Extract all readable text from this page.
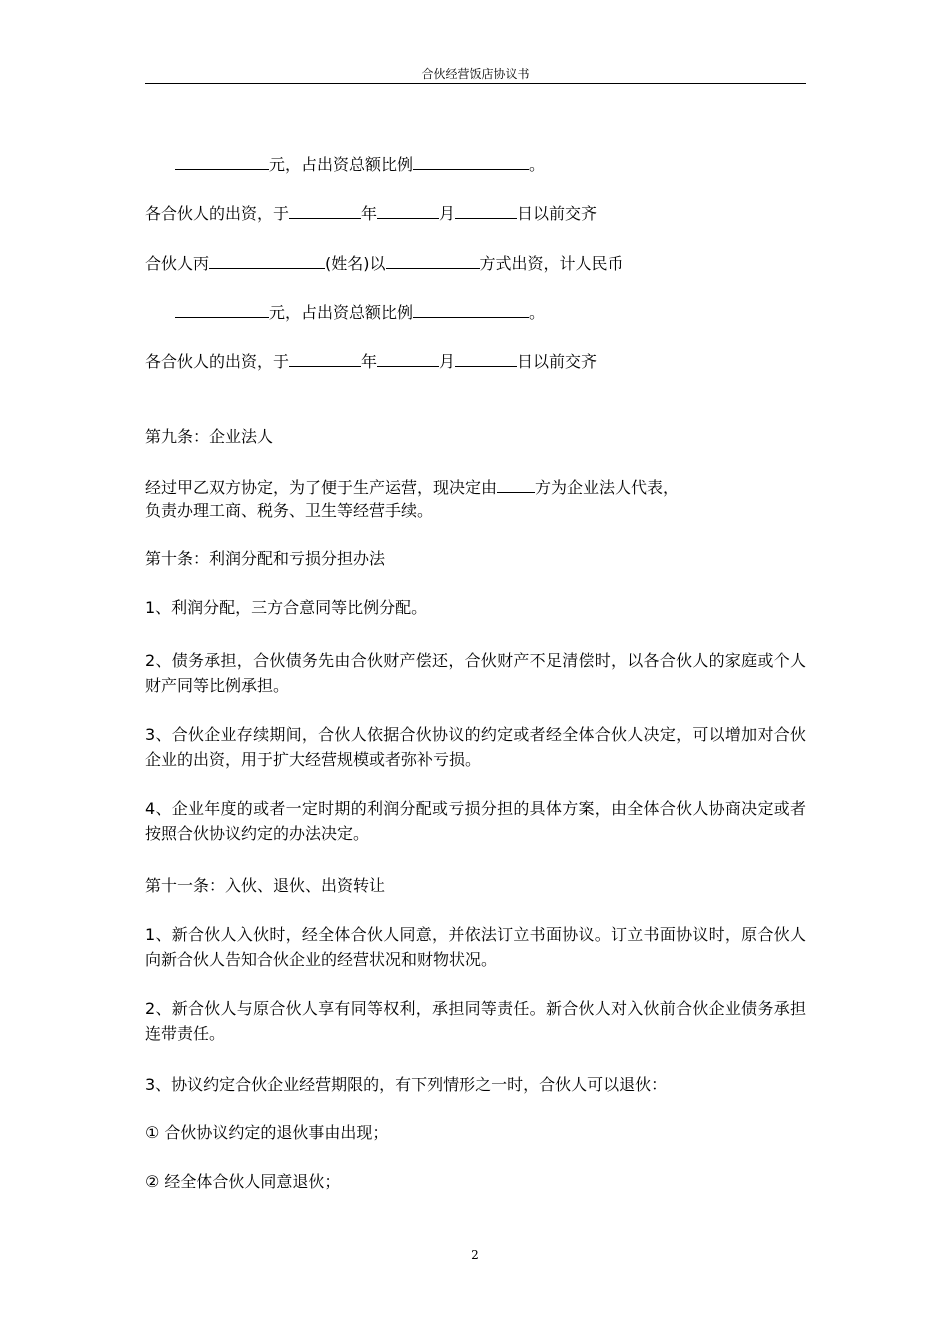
合伙经营饭店协议书
元，占出资总额比例	。
各合伙人的出资，于	年	月	日以前交齐
合伙人丙	(姓名)以	方式出资，计人民币
元，占出资总额比例	。
各合伙人的出资，于	年	月	日以前交齐
第九条：企业法人
经过甲乙双方协定，为了便于生产运营，现决定由 方为企业法人代表，
负责办理工商、税务、卫生等经营手续。
第十条：利润分配和亏损分担办法
1、利润分配，三方合意同等比例分配。
2、债务承担，合伙债务先由合伙财产偿还，合伙财产不足清偿时，以各合伙人的家庭或个人财产同等比例承担。
3、合伙企业存续期间，合伙人依据合伙协议的约定或者经全体合伙人决定，可以增加对合伙企业的出资，用于扩大经营规模或者弥补亏损。
4、企业年度的或者一定时期的利润分配或亏损分担的具体方案，由全体合伙人协商决定或者按照合伙协议约定的办法决定。
第十一条：入伙、退伙、出资转让
1、新合伙人入伙时，经全体合伙人同意，并依法订立书面协议。订立书面协议时，原合伙人向新合伙人告知合伙企业的经营状况和财物状况。
2、新合伙人与原合伙人享有同等权利，承担同等责任。新合伙人对入伙前合伙企业债务承担连带责任。
3、协议约定合伙企业经营期限的，有下列情形之一时，合伙人可以退伙：
① 合伙协议约定的退伙事由出现；
② 经全体合伙人同意退伙；
2
